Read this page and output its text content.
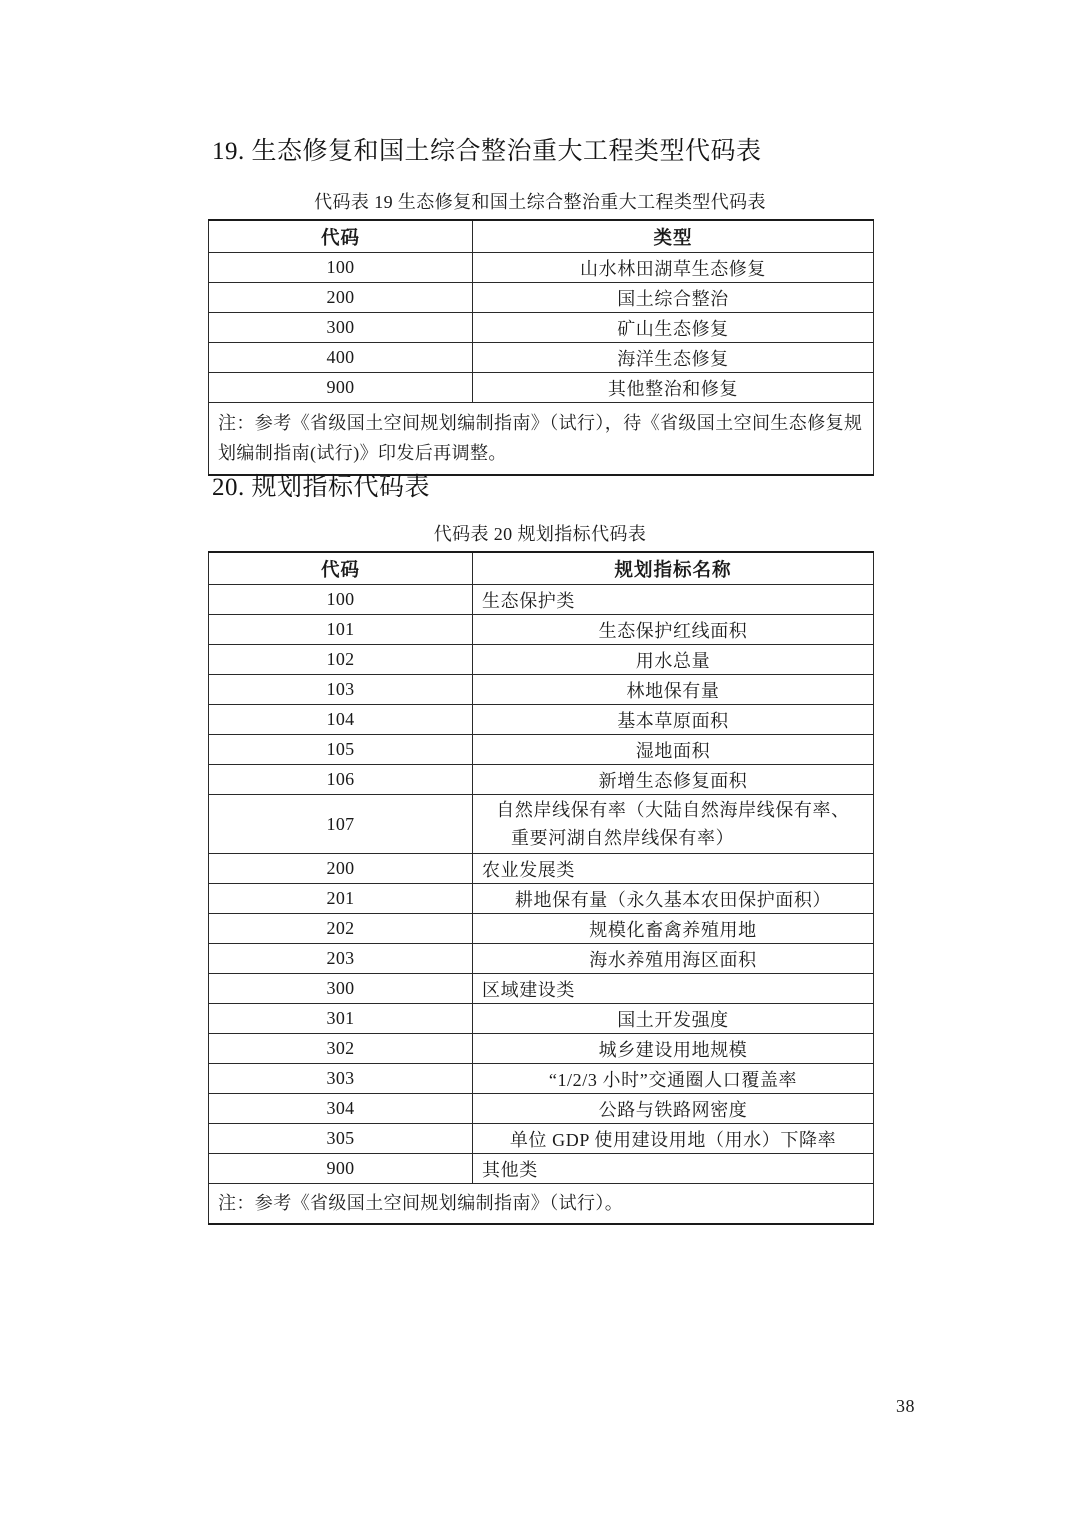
19. 生态修复和国土综合整治重大工程类型代码表
代码表 19 生态修复和国土综合整治重大工程类型代码表
代码	类型
100	山水林田湖草生态修复
200	国土综合整治
300	矿山生态修复
400	海洋生态修复
900	其他整治和修复
注：参考《省级国土空间规划编制指南》（试行），待《省级国土空间生态修复规划编制指南(试行)》印发后再调整。	
20. 规划指标代码表
代码表 20 规划指标代码表
代码	规划指标名称
100	生态保护类
101	生态保护红线面积
102	用水总量
103	林地保有量
104	基本草原面积
105	湿地面积
106	新增生态修复面积
107	自然岸线保有率（大陆自然海岸线保有率、
重要河湖自然岸线保有率）

200	农业发展类
201	耕地保有量（永久基本农田保护面积）
202	规模化畜禽养殖用地
203	海水养殖用海区面积
300	区域建设类
301	国土开发强度
302	城乡建设用地规模
303	“1/2/3 小时”交通圈人口覆盖率
304	公路与铁路网密度
305	单位 GDP 使用建设用地（用水）下降率
900	其他类
注：参考《省级国土空间规划编制指南》（试行）。	
38
